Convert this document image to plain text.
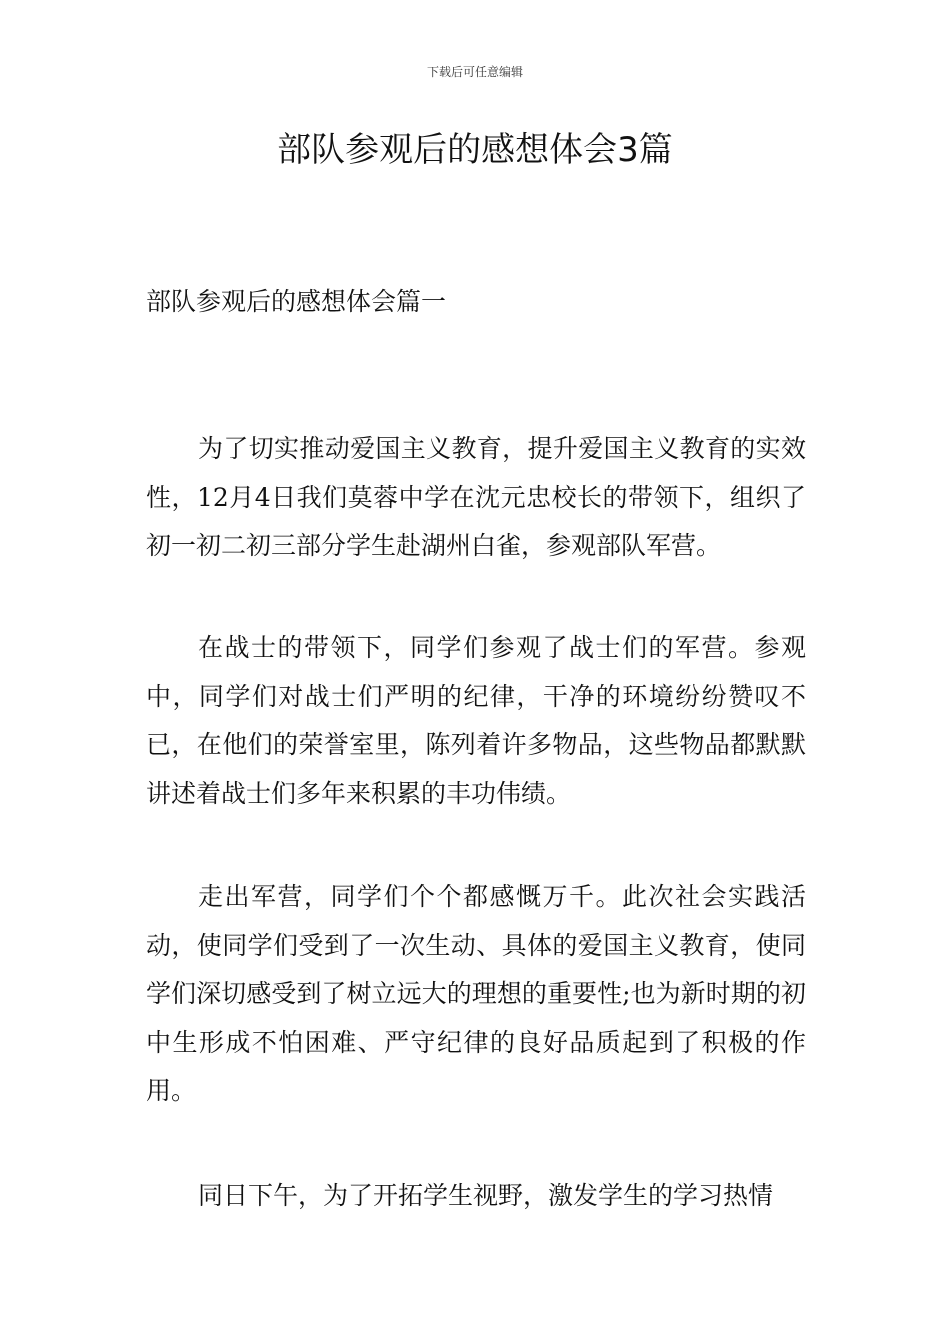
下载后可任意编辑
部队参观后的感想体会3篇
部队参观后的感想体会篇一

为了切实推动爱国主义教育，提升爱国主义教育的实效性，12月4日我们莫蓉中学在沈元忠校长的带领下，组织了初一初二初三部分学生赴湖州白雀，参观部队军营。

在战士的带领下，同学们参观了战士们的军营。参观中，同学们对战士们严明的纪律，干净的环境纷纷赞叹不已，在他们的荣誉室里，陈列着许多物品，这些物品都默默讲述着战士们多年来积累的丰功伟绩。

走出军营，同学们个个都感慨万千。此次社会实践活动，使同学们受到了一次生动、具体的爱国主义教育，使同学们深切感受到了树立远大的理想的重要性;也为新时期的初中生形成不怕困难、严守纪律的良好品质起到了积极的作用。

同日下午，为了开拓学生视野，激发学生的学习热情
